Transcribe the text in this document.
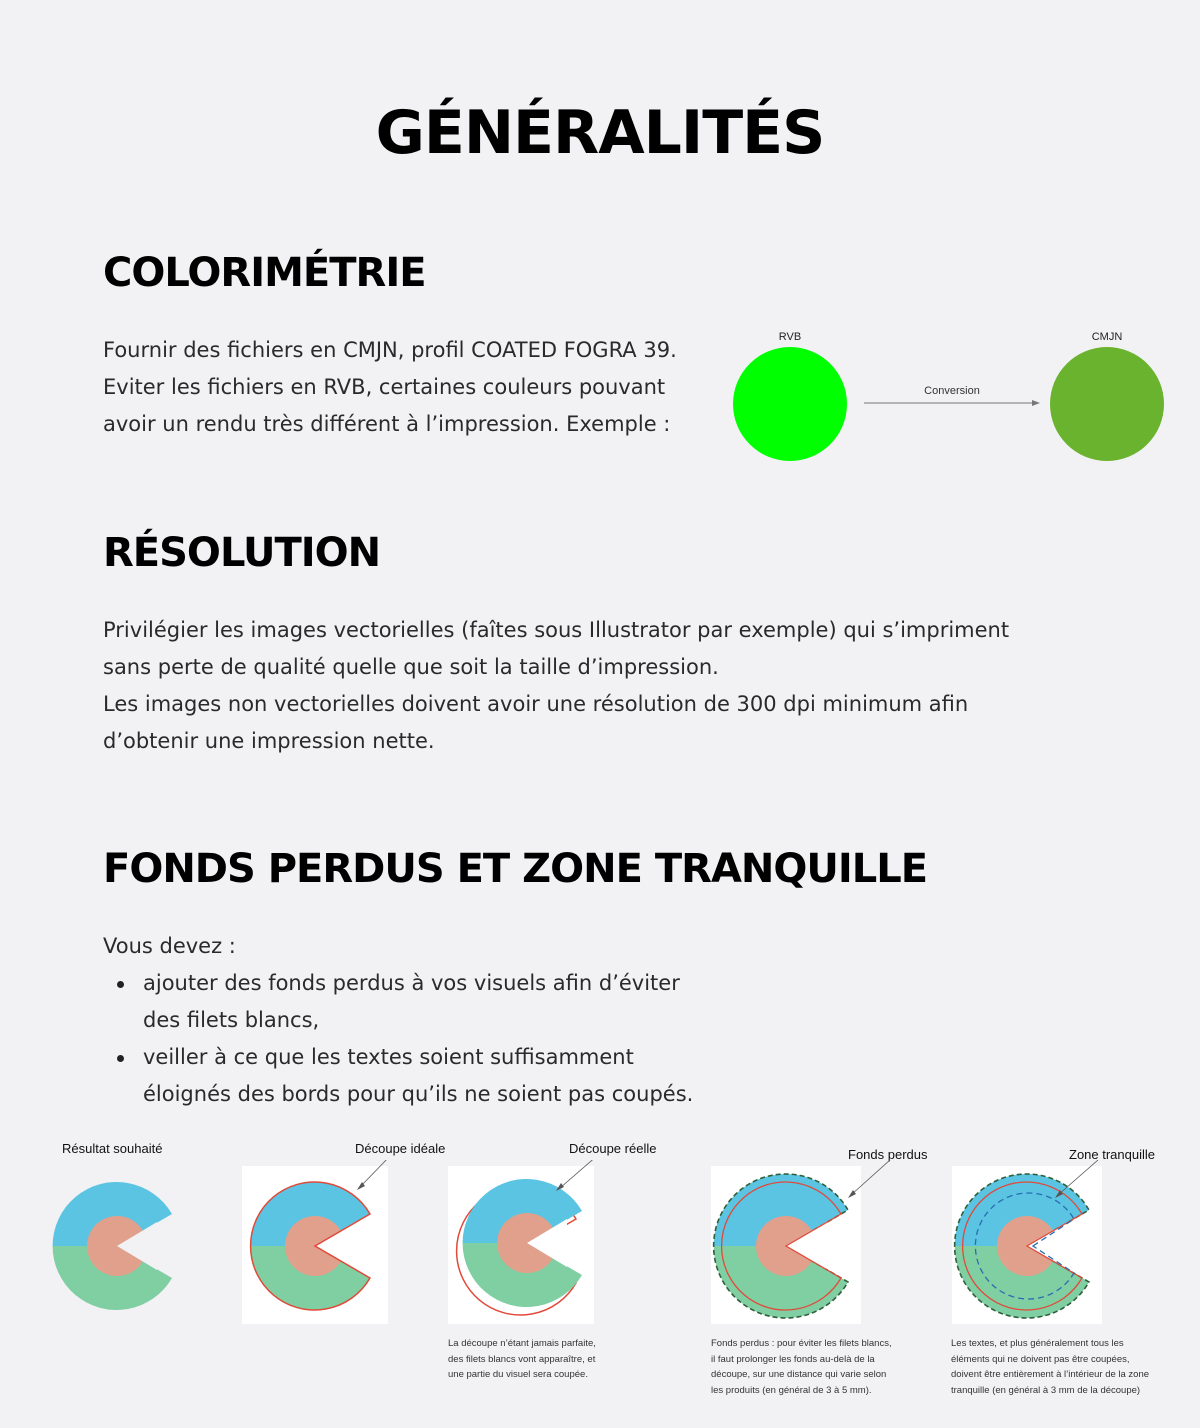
GÉNÉRALITÉS
COLORIMÉTRIE
Fournir des fichiers en CMJN, profil COATED FOGRA 39.
Eviter les fichiers en RVB, certaines couleurs pouvant
avoir un rendu très différent à l’impression. Exemple :
RVB
Conversion
CMJN
RÉSOLUTION
Privilégier les images vectorielles (faîtes sous Illustrator par exemple) qui s’impriment
sans perte de qualité quelle que soit la taille d’impression.
Les images non vectorielles doivent avoir une résolution de 300 dpi minimum afin
d’obtenir une impression nette.
FONDS PERDUS ET ZONE TRANQUILLE
Vous devez :
ajouter des fonds perdus à vos visuels afin d’éviter
des filets blancs,
veiller à ce que les textes soient suffisamment
éloignés des bords pour qu’ils ne soient pas coupés.
Résultat souhaité	Découpe idéale	Découpe réelle	Fonds perdus	Zone tranquille
La découpe n’étant jamais parfaite,
des filets blancs vont apparaître, et
une partie du visuel sera coupée.
Fonds perdus : pour éviter les filets blancs,
il faut prolonger les fonds au-delà de la
découpe, sur une distance qui varie selon
les produits (en général de 3 à 5 mm).
Les textes, et plus généralement tous les
éléments qui ne doivent pas être coupées,
doivent être entièrement à l’intérieur de la zone
tranquille (en général à 3 mm de la découpe)
